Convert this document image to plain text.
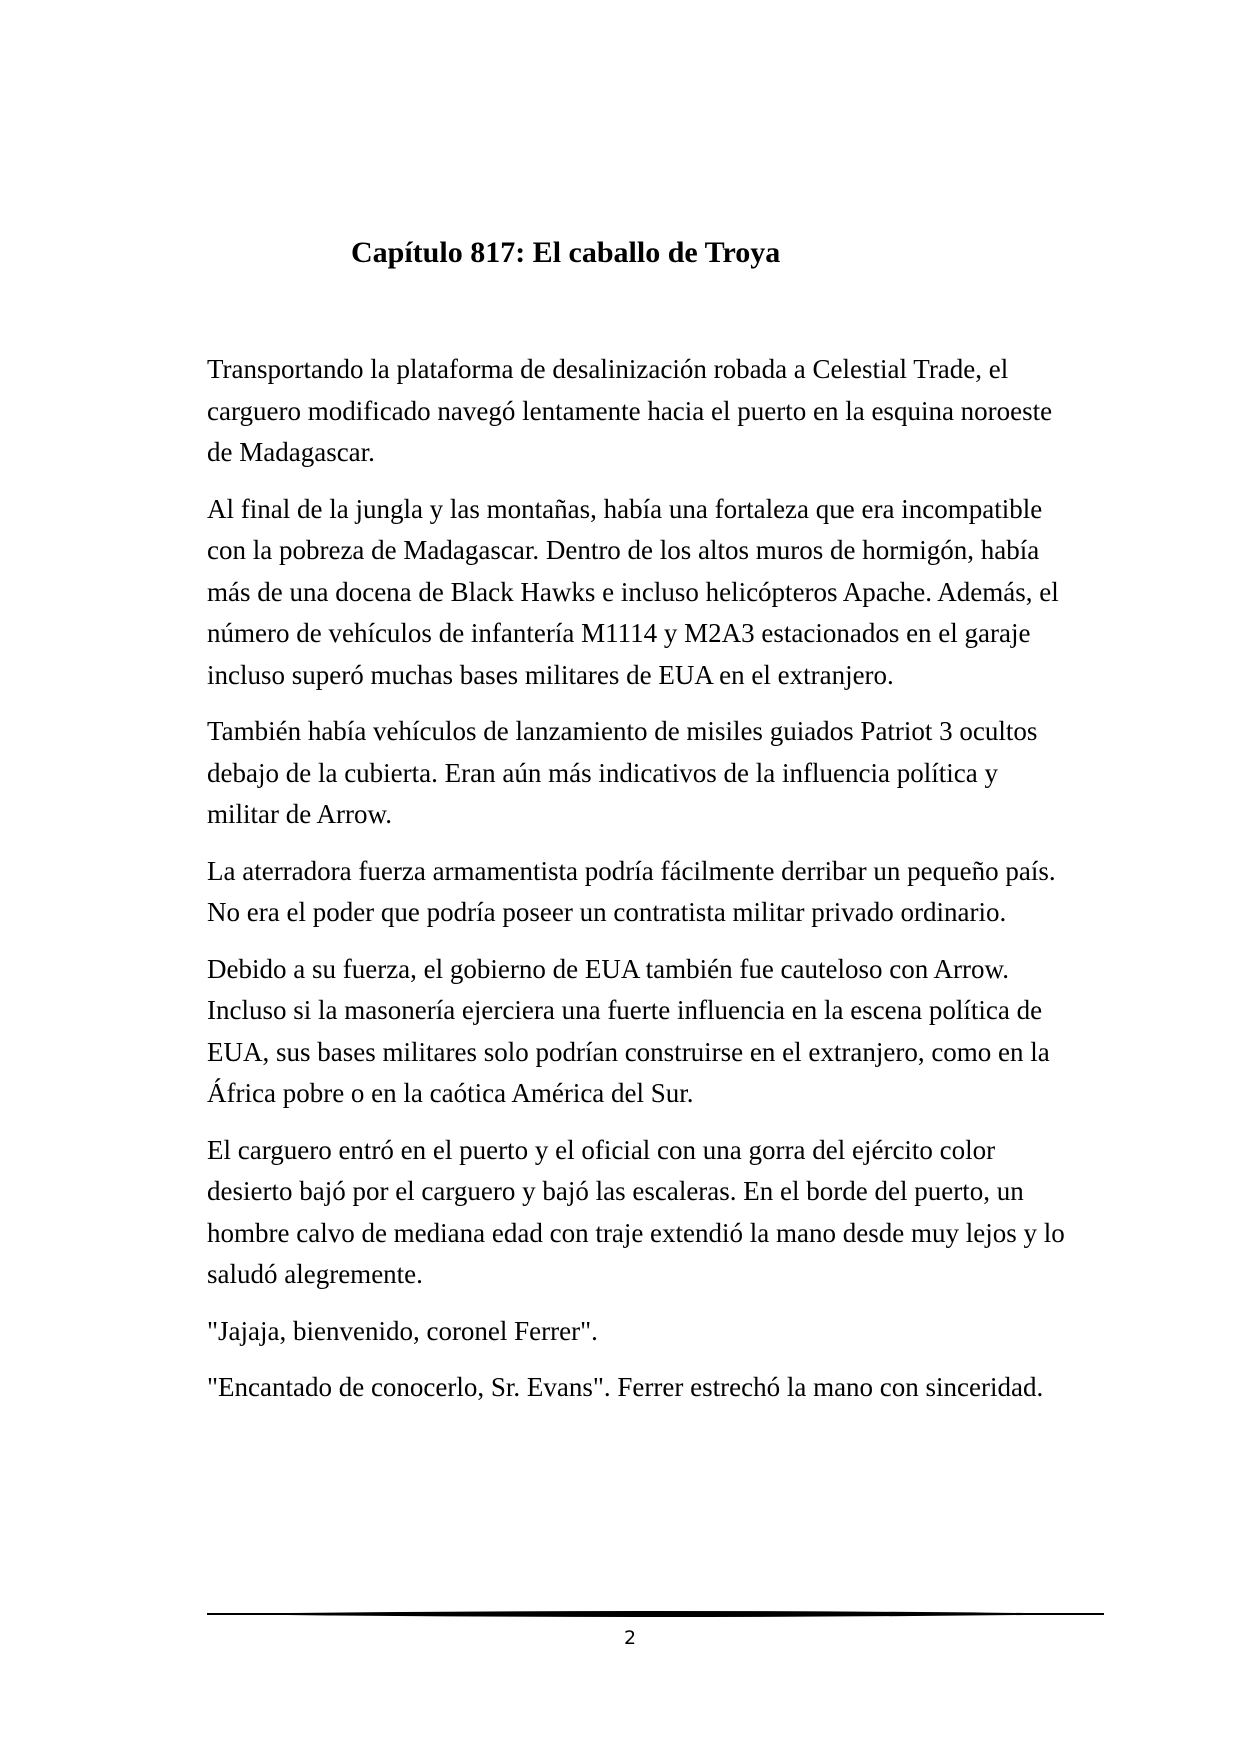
Capítulo 817: El caballo de Troya

Transportando la plataforma de desalinización robada a Celestial Trade, el carguero modificado navegó lentamente hacia el puerto en la esquina noroeste de Madagascar.

Al final de la jungla y las montañas, había una fortaleza que era incompatible con la pobreza de Madagascar. Dentro de los altos muros de hormigón, había más de una docena de Black Hawks e incluso helicópteros Apache. Además, el número de vehículos de infantería M1114 y M2A3 estacionados en el garaje incluso superó muchas bases militares de EUA en el extranjero.

También había vehículos de lanzamiento de misiles guiados Patriot 3 ocultos debajo de la cubierta. Eran aún más indicativos de la influencia política y militar de Arrow.

La aterradora fuerza armamentista podría fácilmente derribar un pequeño país. No era el poder que podría poseer un contratista militar privado ordinario.

Debido a su fuerza, el gobierno de EUA también fue cauteloso con Arrow. Incluso si la masonería ejerciera una fuerte influencia en la escena política de EUA, sus bases militares solo podrían construirse en el extranjero, como en la África pobre o en la caótica América del Sur.

El carguero entró en el puerto y el oficial con una gorra del ejército color desierto bajó por el carguero y bajó las escaleras. En el borde del puerto, un hombre calvo de mediana edad con traje extendió la mano desde muy lejos y lo saludó alegremente.

"Jajaja, bienvenido, coronel Ferrer".

"Encantado de conocerlo, Sr. Evans". Ferrer estrechó la mano con sinceridad.

2
